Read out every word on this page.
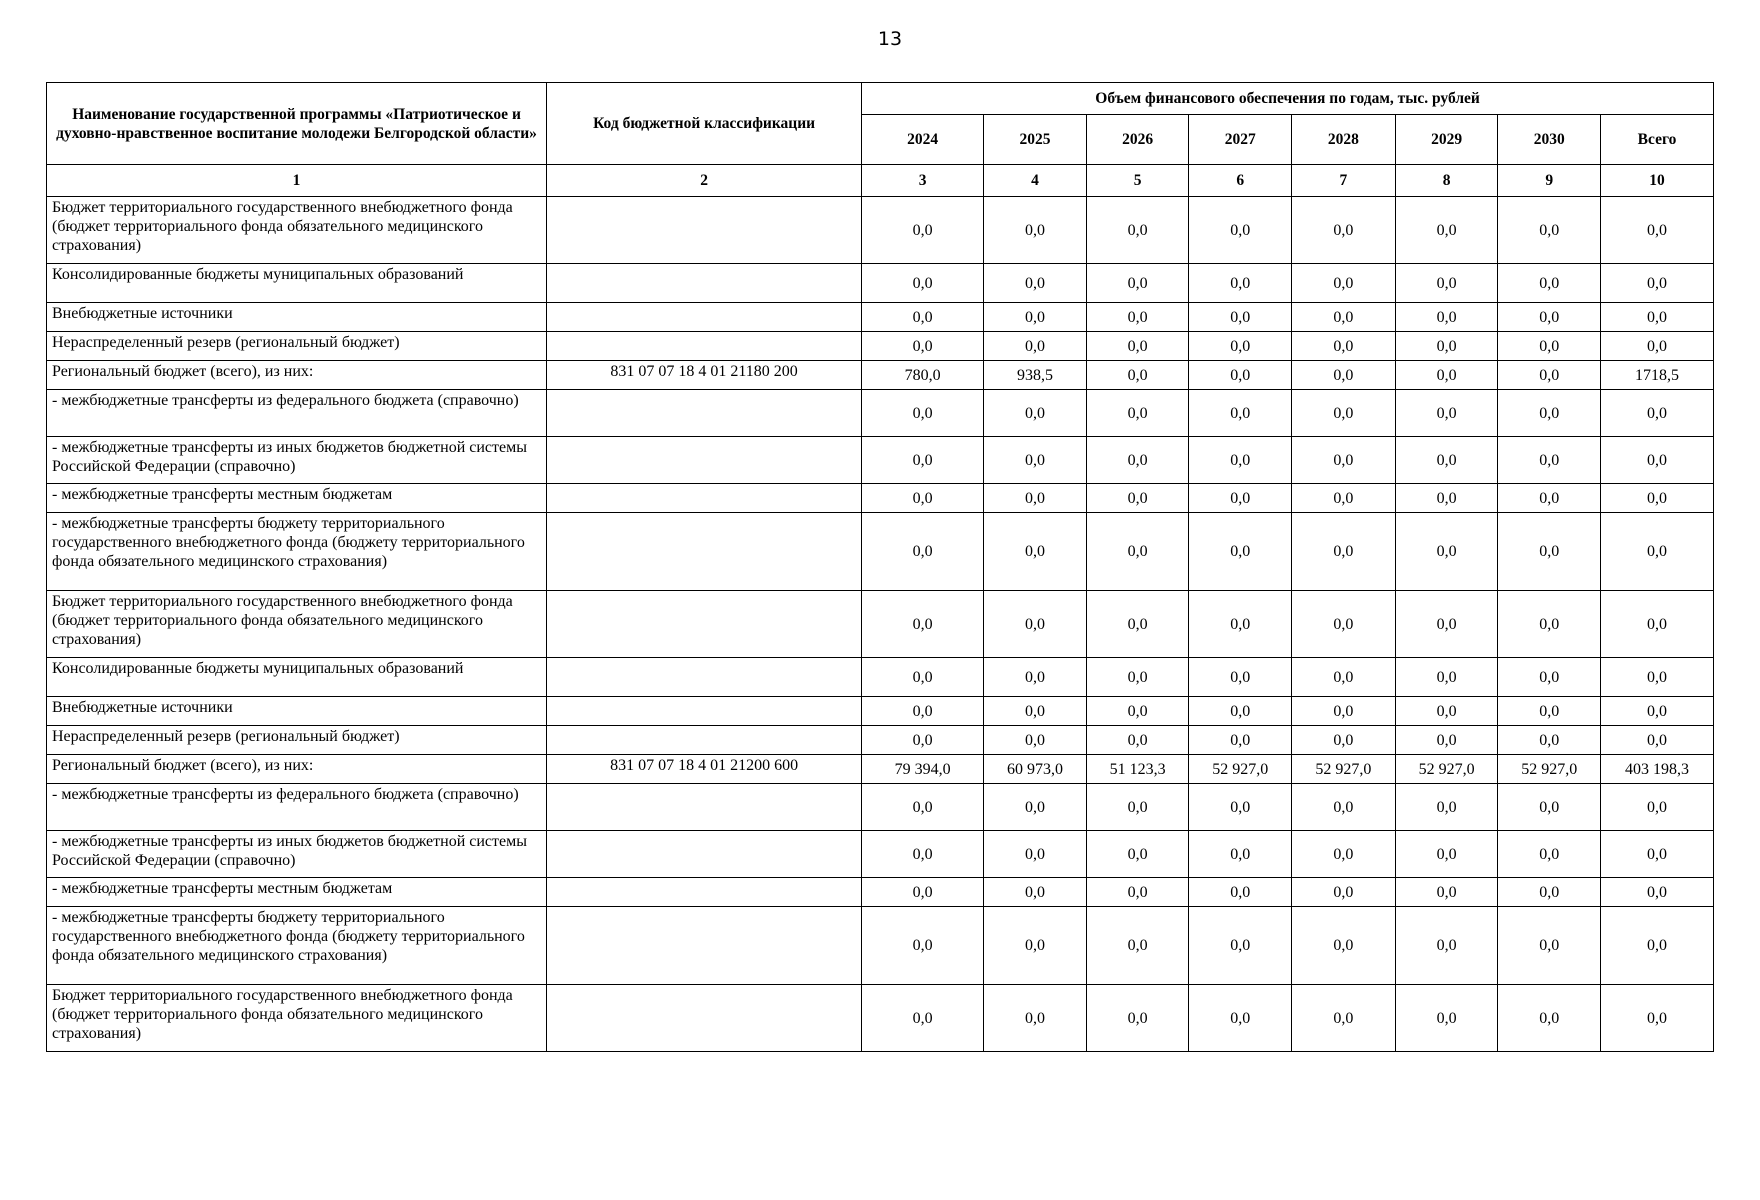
13
Наименование государственной программы «Патриотическое и духовно-нравственное воспитание молодежи Белгородской области»	Код бюджетной классификации	Объем финансового обеспечения по годам, тыс. рублей							
		2024	2025	2026	2027	2028	2029	2030	Всего
1	2	3	4	5	6	7	8	9	10
Бюджет территориального государственного внебюджетного фонда (бюджет территориального фонда обязательного медицинского страхования)		0,0	0,0	0,0	0,0	0,0	0,0	0,0	0,0
Консолидированные бюджеты муниципальных образований		0,0	0,0	0,0	0,0	0,0	0,0	0,0	0,0
Внебюджетные источники		0,0	0,0	0,0	0,0	0,0	0,0	0,0	0,0
Нераспределенный резерв (региональный бюджет)		0,0	0,0	0,0	0,0	0,0	0,0	0,0	0,0
Региональный бюджет (всего), из них:	831 07 07 18 4 01 21180 200	780,0	938,5	0,0	0,0	0,0	0,0	0,0	1718,5
- межбюджетные трансферты из федерального бюджета (справочно)		0,0	0,0	0,0	0,0	0,0	0,0	0,0	0,0
- межбюджетные трансферты из иных бюджетов бюджетной системы Российской Федерации (справочно)		0,0	0,0	0,0	0,0	0,0	0,0	0,0	0,0
- межбюджетные трансферты местным бюджетам		0,0	0,0	0,0	0,0	0,0	0,0	0,0	0,0
- межбюджетные трансферты бюджету территориального государственного внебюджетного фонда (бюджету территориального фонда обязательного медицинского страхования)		0,0	0,0	0,0	0,0	0,0	0,0	0,0	0,0
Бюджет территориального государственного внебюджетного фонда (бюджет территориального фонда обязательного медицинского страхования)		0,0	0,0	0,0	0,0	0,0	0,0	0,0	0,0
Консолидированные бюджеты муниципальных образований		0,0	0,0	0,0	0,0	0,0	0,0	0,0	0,0
Внебюджетные источники		0,0	0,0	0,0	0,0	0,0	0,0	0,0	0,0
Нераспределенный резерв (региональный бюджет)		0,0	0,0	0,0	0,0	0,0	0,0	0,0	0,0
Региональный бюджет (всего), из них:	831 07 07 18 4 01 21200 600	79 394,0	60 973,0	51 123,3	52 927,0	52 927,0	52 927,0	52 927,0	403 198,3
- межбюджетные трансферты из федерального бюджета (справочно)		0,0	0,0	0,0	0,0	0,0	0,0	0,0	0,0
- межбюджетные трансферты из иных бюджетов бюджетной системы Российской Федерации (справочно)		0,0	0,0	0,0	0,0	0,0	0,0	0,0	0,0
- межбюджетные трансферты местным бюджетам		0,0	0,0	0,0	0,0	0,0	0,0	0,0	0,0
- межбюджетные трансферты бюджету территориального государственного внебюджетного фонда (бюджету территориального фонда обязательного медицинского страхования)		0,0	0,0	0,0	0,0	0,0	0,0	0,0	0,0
Бюджет территориального государственного внебюджетного фонда (бюджет территориального фонда обязательного медицинского страхования)		0,0	0,0	0,0	0,0	0,0	0,0	0,0	0,0
